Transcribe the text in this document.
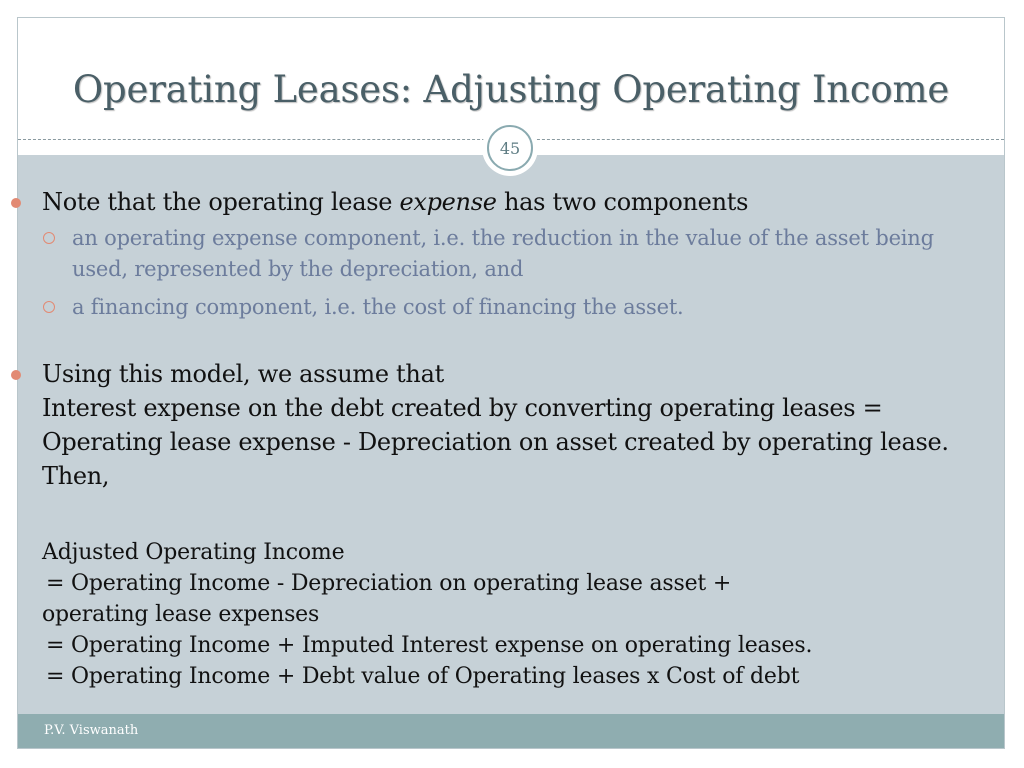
Operating Leases: Adjusting Operating Income
45
P.V. Viswanath
Note that the operating lease expense has two components
an operating expense component, i.e. the reduction in the value of the asset being used, represented by the depreciation, and
a financing component, i.e. the cost of financing the asset.
Using this model, we assume that
Interest expense on the debt created by converting operating leases = Operating lease expense - Depreciation on asset created by operating lease. Then,
Adjusted Operating Income
= Operating Income - Depreciation on operating lease asset +
operating lease expenses
= Operating Income + Imputed Interest expense on operating leases.
= Operating Income + Debt value of Operating leases x Cost of debt
